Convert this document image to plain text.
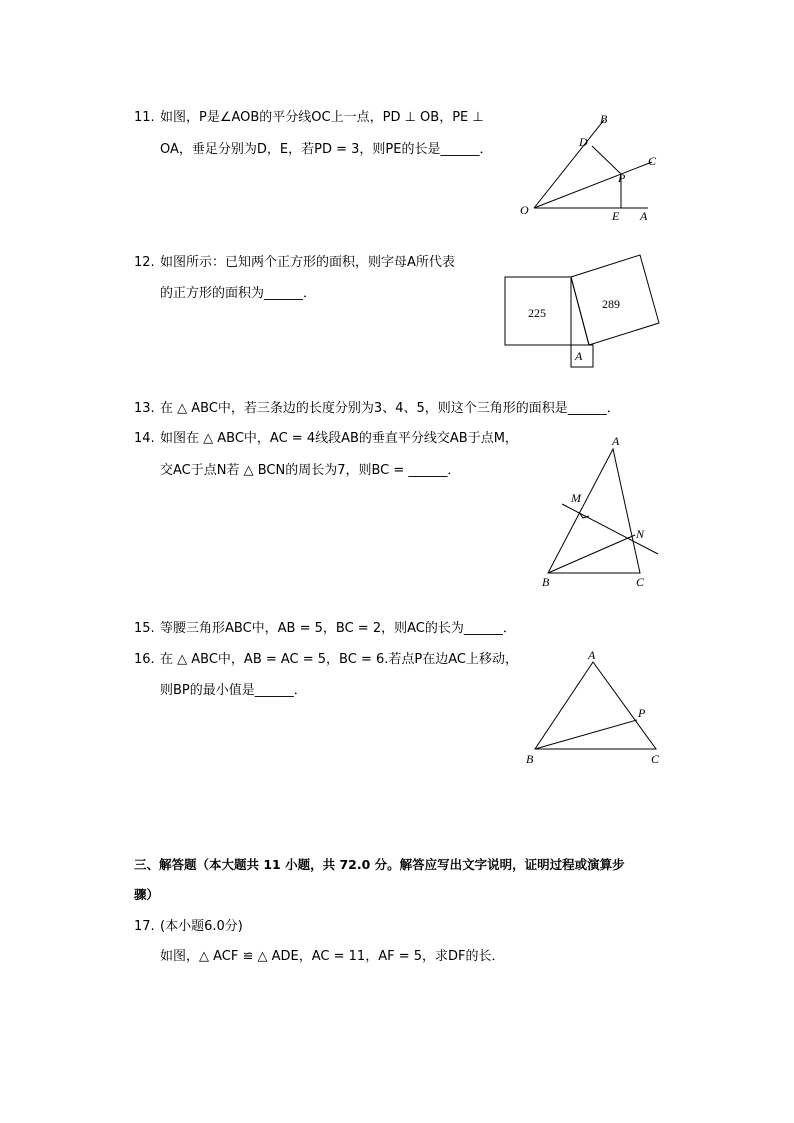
11. 如图，P是∠AOB的平分线OC上一点，PD ⊥ OB，PE ⊥
OA，垂足分别为D，E，若PD = 3，则PE的长是______．
B
D
C
P
O	E A
12. 如图所示：已知两个正方形的面积，则字母A所代表
的正方形的面积为______．
225
289
A
13. 在 △ ABC中，若三条边的长度分别为3、4、5，则这个三角形的面积是______．
14. 如图在 △ ABC中，AC = 4线段AB的垂直平分线交AB于点M，
交AC于点N若 △ BCN的周长为7，则BC = ______．
A
M
N
B	C
15. 等腰三角形ABC中，AB = 5，BC = 2，则AC的长为______．
16. 在 △ ABC中，AB = AC = 5，BC = 6.若点P在边AC上移动，
则BP的最小值是______．
A
P
B	C
三、解答题（本大题共 11 小题，共 72.0 分。解答应写出文字说明，证明过程或演算步
骤）
17. (本小题6.0分)
如图，△ ACF ≌ △ ADE，AC = 11，AF = 5，求DF的长．
